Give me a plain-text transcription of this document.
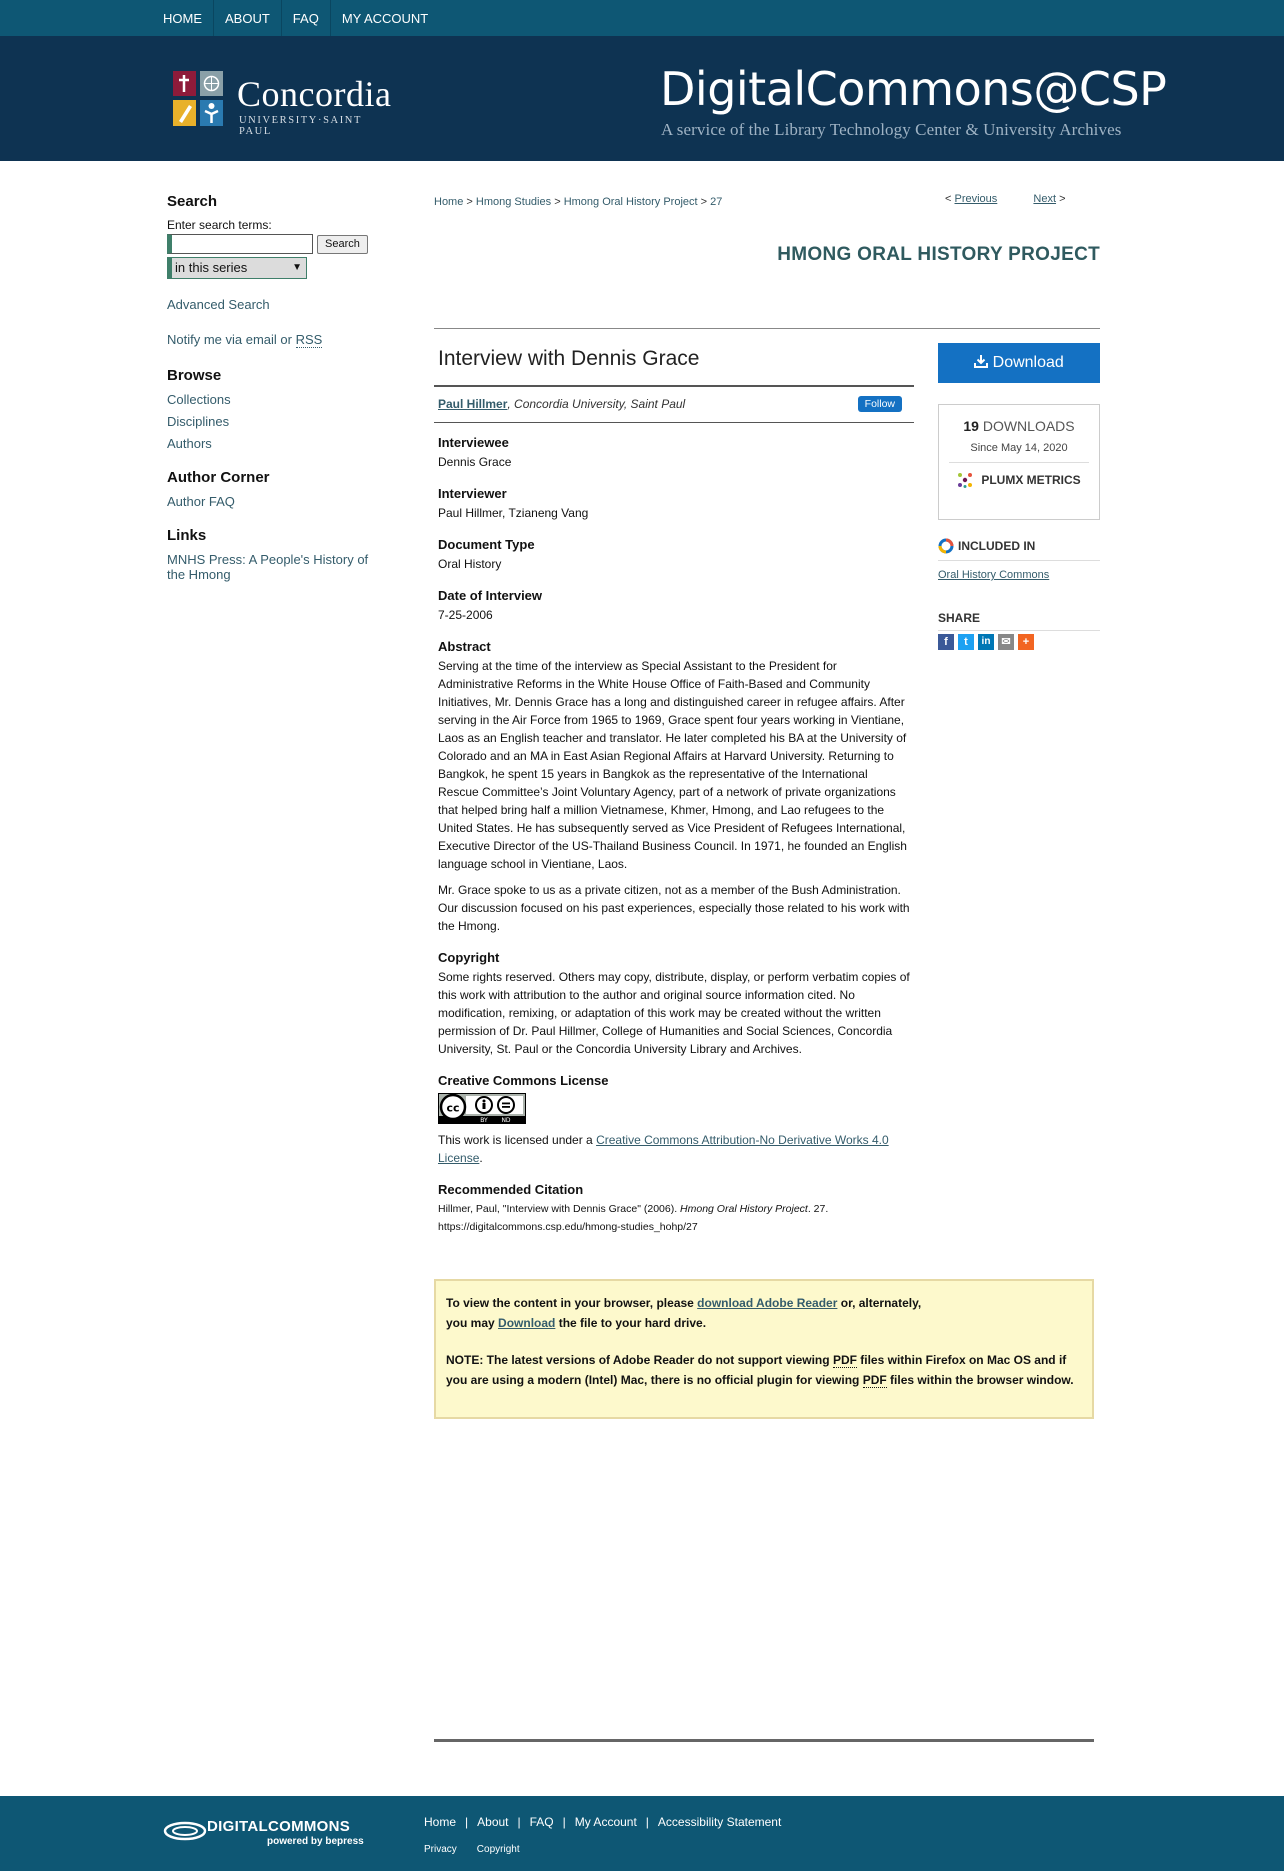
HOME	ABOUT	FAQ	MY ACCOUNT
Concordia
UNIVERSITY·SAINT PAUL
DigitalCommons@CSP
A service of the Library Technology Center & University Archives
Search
Enter search terms:
Search
in this series	▼
Advanced Search
Notify me via email or RSS
Browse
Collections
Disciplines
Authors
Author Corner
Author FAQ
Links
MNHS Press: A People's History of the Hmong
Home > Hmong Studies > Hmong Oral History Project > 27	< Previous	Next >
HMONG ORAL HISTORY PROJECT
Interview with Dennis Grace
Paul Hillmer, Concordia University, Saint Paul	Follow
Interviewee

Dennis Grace

Interviewer

Paul Hillmer, Tzianeng Vang

Document Type

Oral History

Date of Interview

7-25-2006

Abstract

Serving at the time of the interview as Special Assistant to the President for Administrative Reforms in the White House Office of Faith-Based and Community Initiatives, Mr. Dennis Grace has a long and distinguished career in refugee affairs. After serving in the Air Force from 1965 to 1969, Grace spent four years working in Vientiane, Laos as an English teacher and translator. He later completed his BA at the University of Colorado and an MA in East Asian Regional Affairs at Harvard University. Returning to Bangkok, he spent 15 years in Bangkok as the representative of the International Rescue Committee’s Joint Voluntary Agency, part of a network of private organizations that helped bring half a million Vietnamese, Khmer, Hmong, and Lao refugees to the United States. He has subsequently served as Vice President of Refugees International, Executive Director of the US-Thailand Business Council. In 1971, he founded an English language school in Vientiane, Laos.

Mr. Grace spoke to us as a private citizen, not as a member of the Bush Administration. Our discussion focused on his past experiences, especially those related to his work with the Hmong.

Copyright

Some rights reserved. Others may copy, distribute, display, or perform verbatim copies of this work with attribution to the author and original source information cited. No modification, remixing, or adaptation of this work may be created without the written permission of Dr. Paul Hillmer, College of Humanities and Social Sciences, Concordia University, St. Paul or the Concordia University Library and Archives.

Creative Commons License
cc
BY ND

This work is licensed under a Creative Commons Attribution-No Derivative Works 4.0 License.

Recommended Citation

Hillmer, Paul, "Interview with Dennis Grace" (2006). Hmong Oral History Project. 27.
https://digitalcommons.csp.edu/hmong-studies_hohp/27

Download
19 DOWNLOADS
Since May 14, 2020
PLUMX METRICS
INCLUDED IN
Oral History Commons
SHARE
f	t	in ✉	+

To view the content in your browser, please download Adobe Reader or, alternately,
you may Download the file to your hard drive.

NOTE: The latest versions of Adobe Reader do not support viewing PDF files within Firefox on Mac OS and if you are using a modern (Intel) Mac, there is no official plugin for viewing PDF files within the browser window.

DIGITALCOMMONS
powered by bepress
Home | About | FAQ | My Account | Accessibility Statement
Privacy Copyright
